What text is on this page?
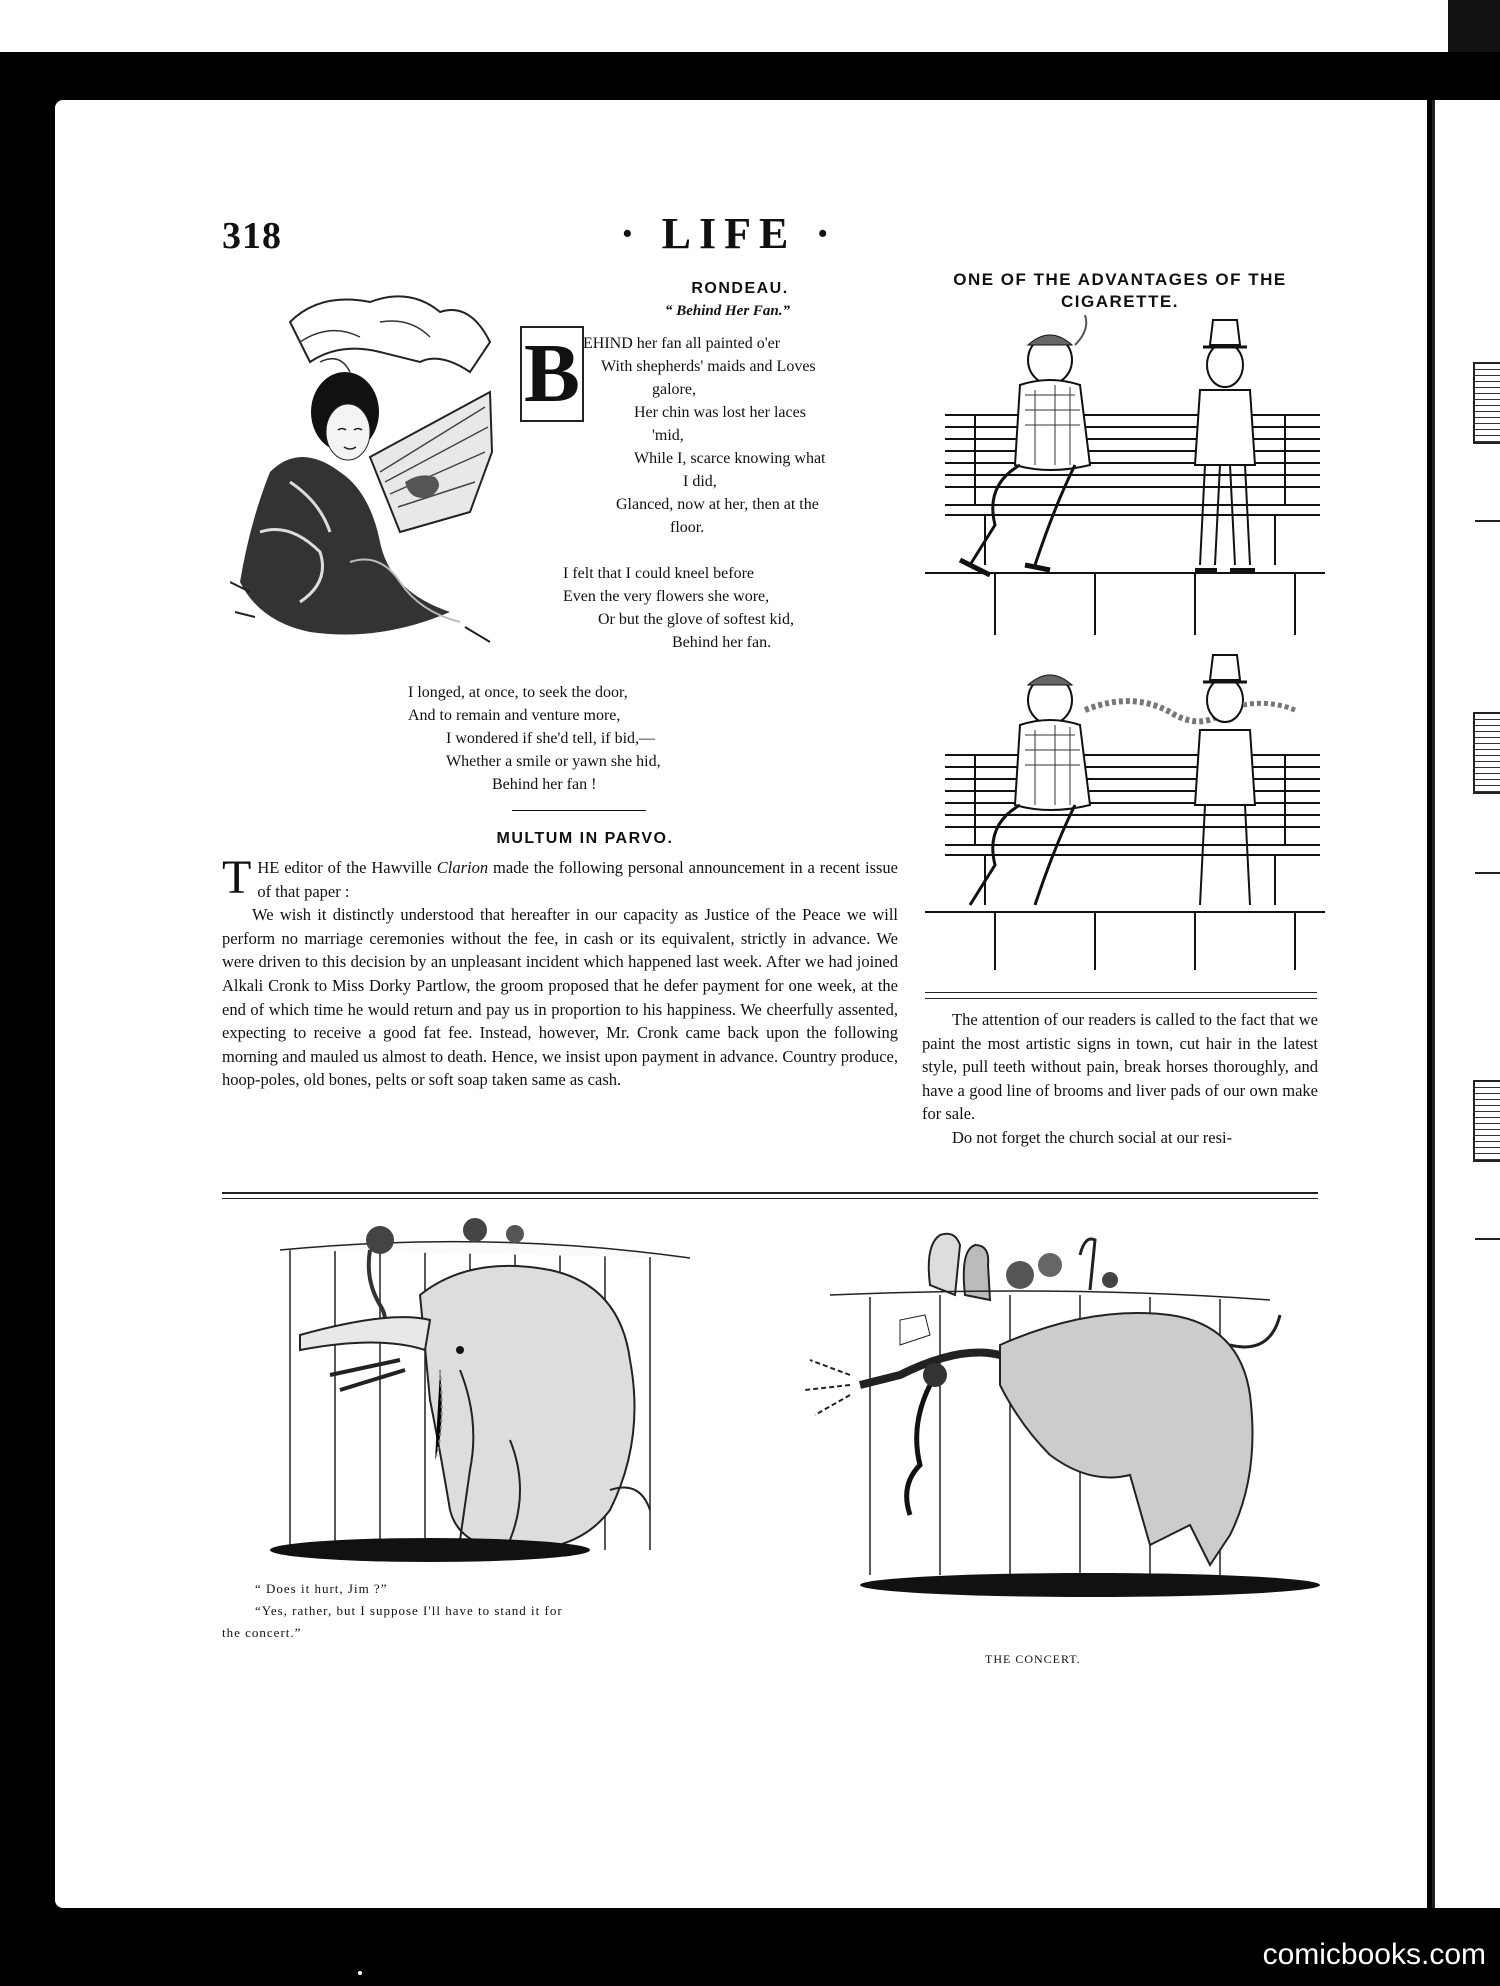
318	· LIFE ·
B
RONDEAU.
“ Behind Her Fan.”
EHIND her fan all painted o'er
With shepherds' maids and Loves
galore,
Her chin was lost her laces
'mid,
While I, scarce knowing what
I did,
Glanced, now at her, then at the
floor.
I felt that I could kneel before
Even the very flowers she wore,
Or but the glove of softest kid,
Behind her fan.
I longed, at once, to seek the door,
And to remain and venture more,
I wondered if she'd tell, if bid,—
Whether a smile or yawn she hid,
Behind her fan !
MULTUM IN PARVO.

THE editor of the Hawville Clarion made the following personal announcement in a recent issue of that paper :

We wish it distinctly understood that hereafter in our capacity as Justice of the Peace we will perform no marriage ceremonies without the fee, in cash or its equivalent, strictly in advance. We were driven to this decision by an unpleasant incident which happened last week. After we had joined Alkali Cronk to Miss Dorky Partlow, the groom proposed that he defer payment for one week, at the end of which time he would return and pay us in proportion to his happiness. We cheerfully assented, expecting to receive a good fat fee. Instead, however, Mr. Cronk came back upon the following morning and mauled us almost to death. Hence, we insist upon payment in advance. Country produce, hoop-poles, old bones, pelts or soft soap taken same as cash.

ONE OF THE ADVANTAGES OF THE
CIGARETTE.

The attention of our readers is called to the fact that we paint the most artistic signs in town, cut hair in the latest style, pull teeth without pain, break horses thoroughly, and have a good line of brooms and liver pads of our own make for sale.

Do not forget the church social at our resi-

“ Does it hurt, Jim ?”
“Yes, rather, but I suppose I'll have to stand it for
the concert.”
THE CONCERT.
comicbooks.com
